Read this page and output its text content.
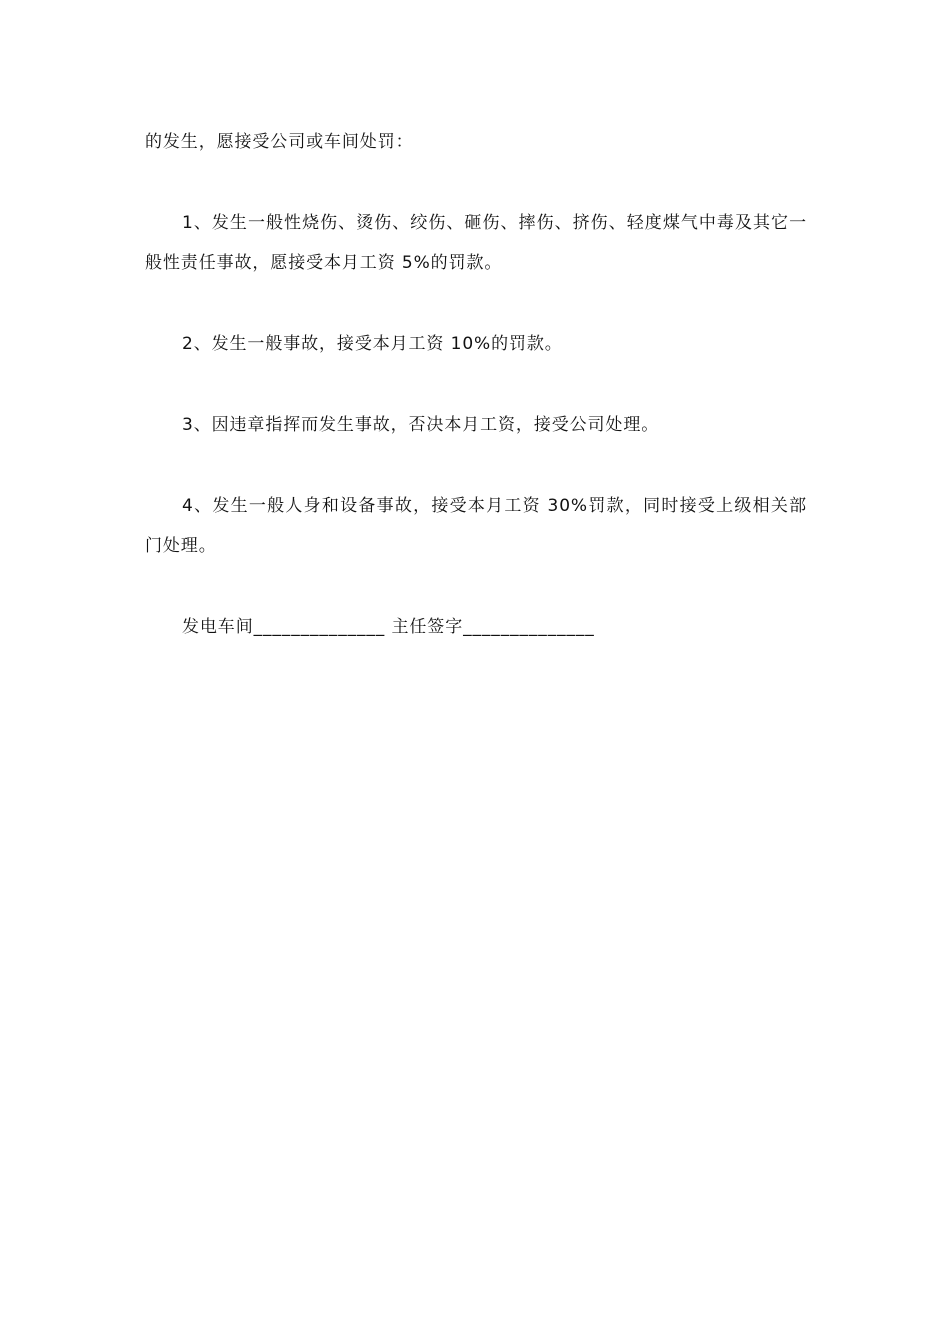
的发生，愿接受公司或车间处罚：

1、发生一般性烧伤、烫伤、绞伤、砸伤、摔伤、挤伤、轻度煤气中毒及其它一般性责任事故，愿接受本月工资 5%的罚款。

2、发生一般事故，接受本月工资 10%的罚款。

3、因违章指挥而发生事故，否决本月工资，接受公司处理。

4、发生一般人身和设备事故，接受本月工资 30%罚款，同时接受上级相关部门处理。

发电车间______________ 主任签字______________
